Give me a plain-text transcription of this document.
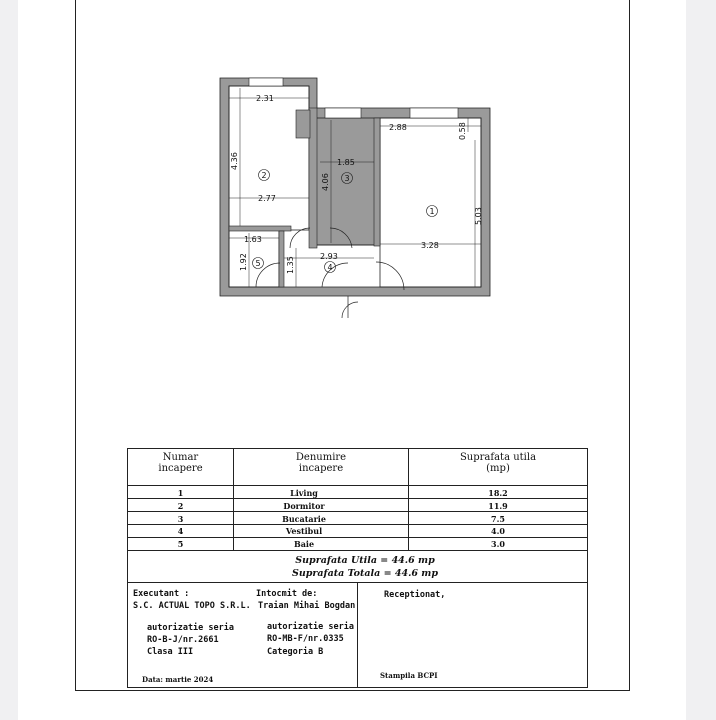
2.31
4.36
2.77
1.85
4.06
2.88	0.58
5.03
3.28
1.63
1.92	1.35	2.93
1
2	3
4
5
Numar
incapere
Denumire
incapere
Suprafata utila
(mp)
1	Living	18.2
2	Dormitor	11.9
3	Bucatarie	7.5
4	Vestibul	4.0
5	Baie	3.0
Suprafata Utila = 44.6 mp
Suprafata Totala = 44.6 mp
Executant :
S.C. ACTUAL TOPO S.R.L.
autorizatie seria
RO-B-J/nr.2661
Clasa III
Intocmit de:
Traian Mihai Bogdan
autorizatie seria
RO-MB-F/nr.0335
Categoria B
Data: martie 2024
Receptionat,
Stampila BCPI
